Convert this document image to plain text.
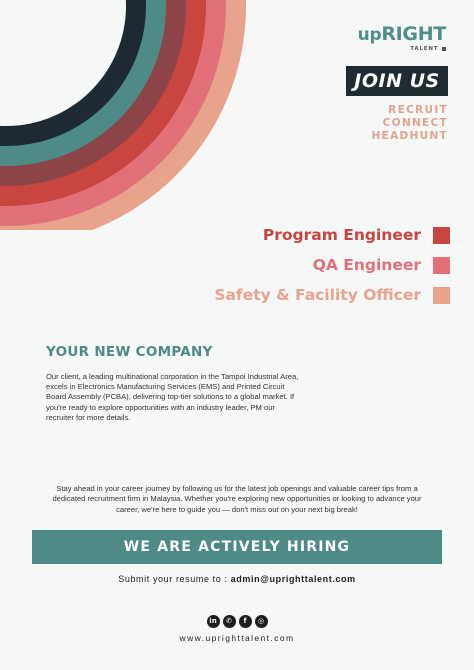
upRIGHT
TALENT
JOIN US
RECRUIT
CONNECT
HEADHUNT
Program Engineer
QA Engineer
Safety & Facility Officer
YOUR NEW COMPANY
Our client, a leading multinational corporation in the Tampoi Industrial Area, excels in Electronics Manufacturing Services (EMS) and Printed Circuit Board Assembly (PCBA), delivering top-tier solutions to a global market. If you're ready to explore opportunities with an industry leader, PM our recruiter for more details.
Stay ahead in your career journey by following us for the latest job openings and valuable career tips from a dedicated recruitment firm in Malaysia. Whether you're exploring new opportunities or looking to advance your career, we're here to guide you — don't miss out on your next big break!
WE ARE ACTIVELY HIRING
Submit your resume to : admin@uprighttalent.com
in	✆	f	◎
www.uprighttalent.com
